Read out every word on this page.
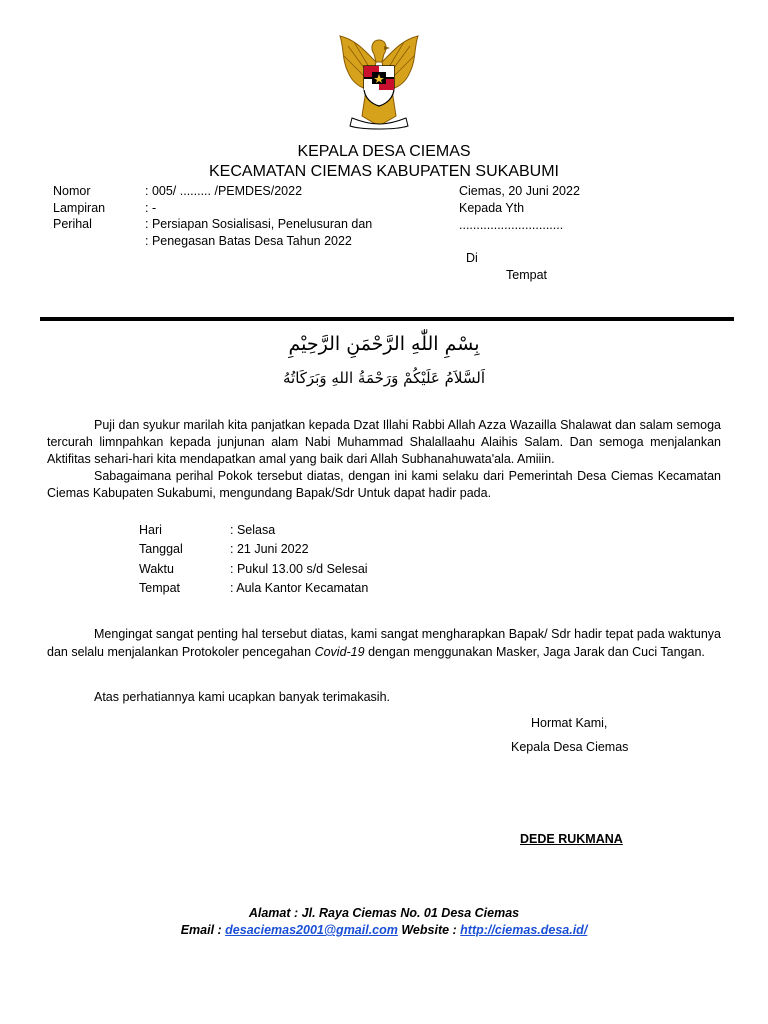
KEPALA DESA CIEMAS
KECAMATAN CIEMAS KABUPATEN SUKABUMI
Nomor	: 005/ ......... /PEMDES/2022
Lampiran	: -
Perihal	: Persiapan Sosialisasi, Penelusuran dan
: Penegasan Batas Desa Tahun 2022
Ciemas, 20 Juni 2022
Kepada Yth
..............................
Di
Tempat
بِسْمِ اللّٰهِ الرَّحْمَنِ الرَّحِيْمِ
اَلسَّلاَمُ عَلَيْكُمْ وَرَحْمَةُ اللهِ وَبَرَكَاتُهُ
Puji dan syukur marilah kita panjatkan kepada Dzat Illahi Rabbi Allah Azza Wazailla Shalawat dan salam semoga tercurah limnpahkan kepada junjunan alam Nabi Muhammad Shalallaahu Alaihis Salam. Dan semoga menjalankan Aktifitas sehari-hari kita mendapatkan amal yang baik dari Allah Subhanahuwata'ala. Amiiin.
Sabagaimana perihal Pokok tersebut diatas, dengan ini kami selaku dari Pemerintah Desa Ciemas Kecamatan Ciemas Kabupaten Sukabumi, mengundang Bapak/Sdr Untuk dapat hadir pada.
Hari	: Selasa
Tanggal	: 21 Juni 2022
Waktu	: Pukul 13.00 s/d Selesai
Tempat	: Aula Kantor Kecamatan
Mengingat sangat penting hal tersebut diatas, kami sangat mengharapkan Bapak/ Sdr hadir tepat pada waktunya dan selalu menjalankan Protokoler pencegahan Covid-19 dengan menggunakan Masker, Jaga Jarak dan Cuci Tangan.
Atas perhatiannya kami ucapkan banyak terimakasih.
Hormat Kami,
Kepala Desa Ciemas
DEDE RUKMANA
Alamat : Jl. Raya Ciemas No. 01 Desa Ciemas
Email : desaciemas2001@gmail.com Website : http://ciemas.desa.id/
